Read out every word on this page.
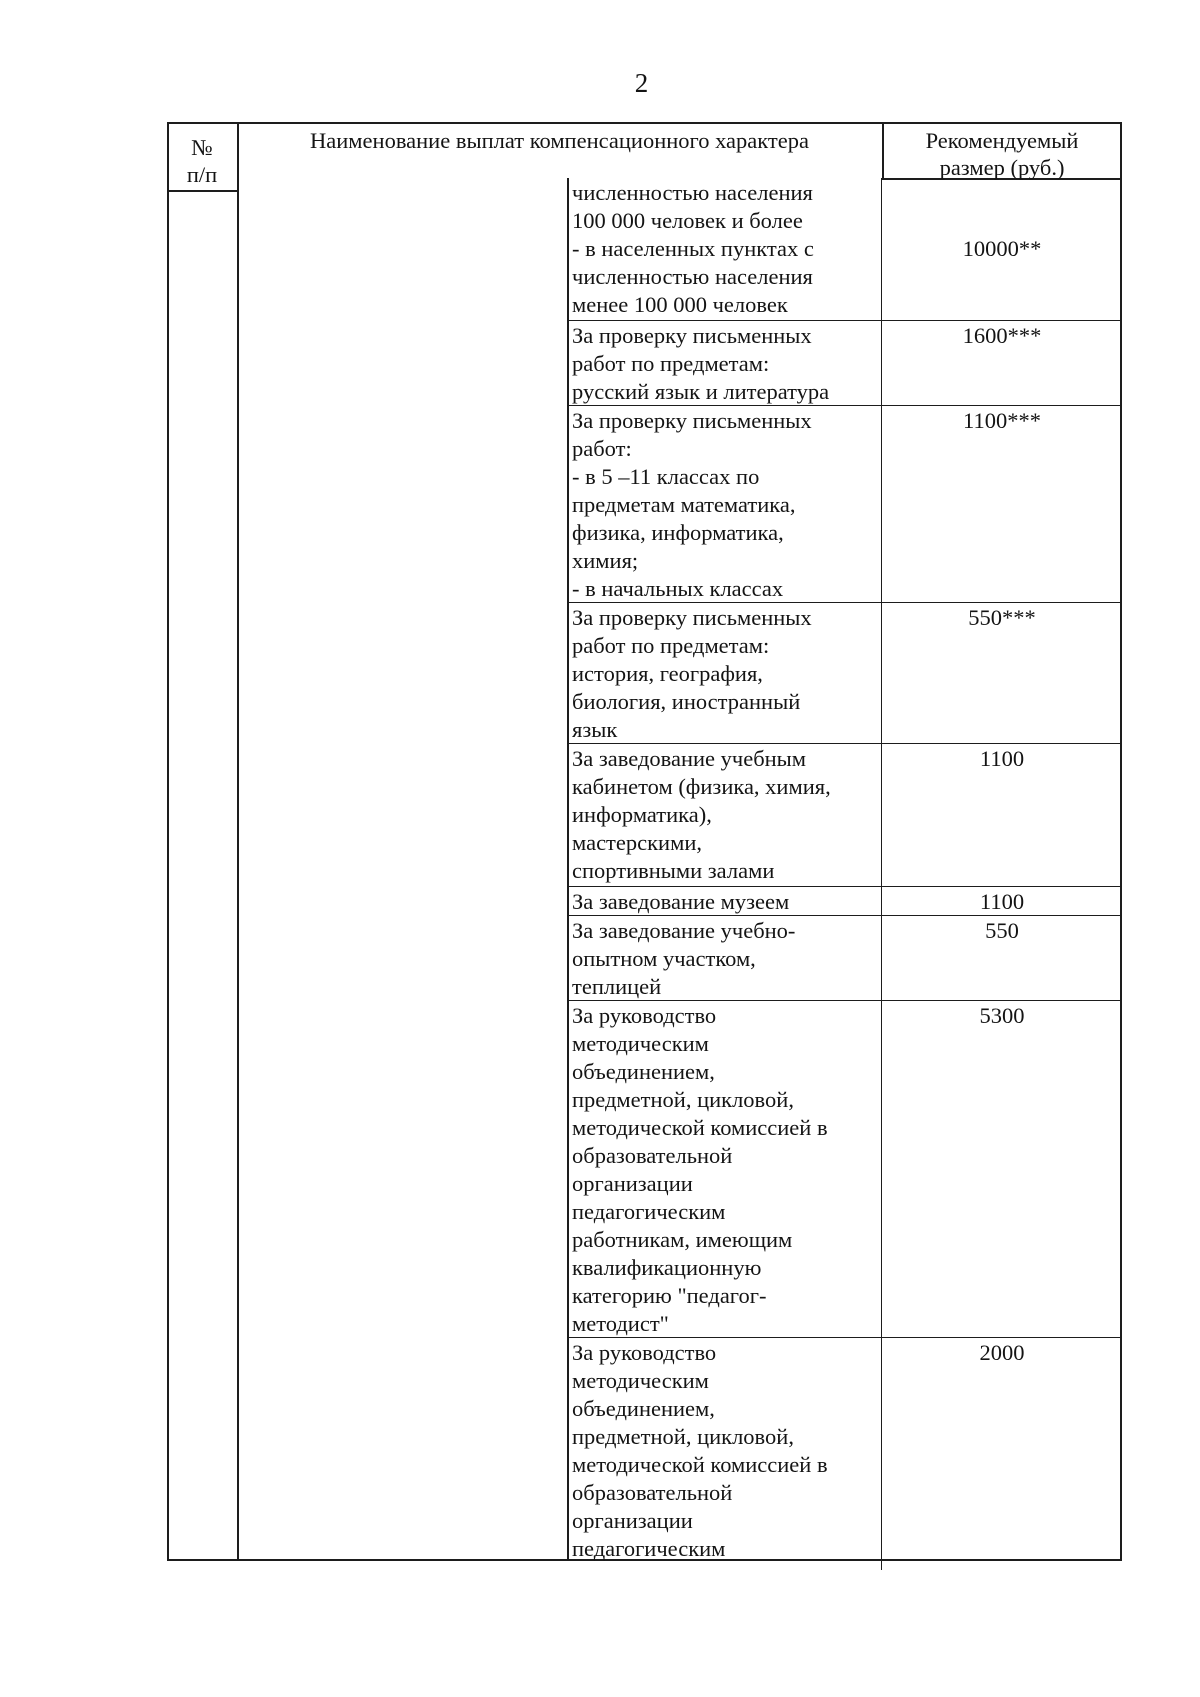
2
№
п/п
Наименование выплат компенсационного характера	Рекомендуемый
размер (руб.)
численностью населения
100 000 человек и более
- в населенных пунктах с
численностью населения
менее 100 000 человек
10000**
За проверку письменных
работ по предметам:
русский язык и литература
1600***
За проверку письменных
работ:
- в 5 –11 классах по
предметам математика,
физика, информатика,
химия;
- в начальных классах
1100***
За проверку письменных
работ по предметам:
история, география,
биология, иностранный
язык
550***
За заведование учебным
кабинетом (физика, химия,
информатика),
мастерскими,
спортивными залами
1100
За заведование музеем	1100
За заведование учебно-
опытном участком,
теплицей
550
За руководство
методическим
объединением,
предметной, цикловой,
методической комиссией в
образовательной
организации
педагогическим
работникам, имеющим
квалификационную
категорию "педагог-
методист"
5300
За руководство
методическим
объединением,
предметной, цикловой,
методической комиссией в
образовательной
организации
педагогическим
2000
